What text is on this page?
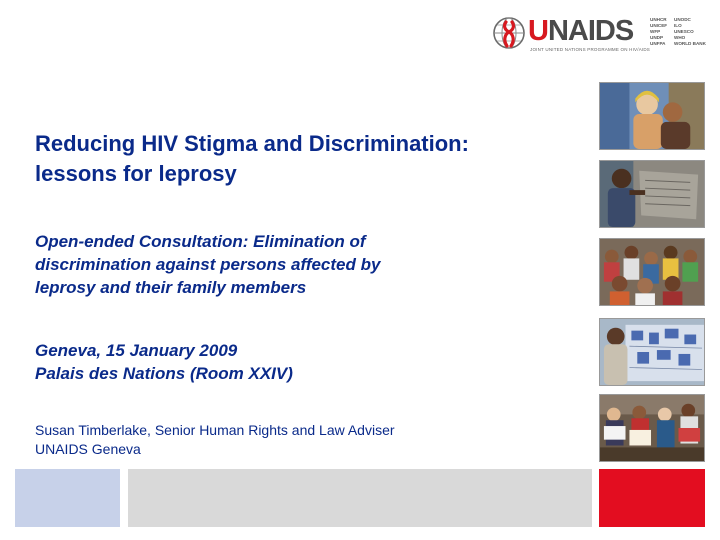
UNAIDS
JOINT UNITED NATIONS PROGRAMME ON HIV/AIDS
UNHCR
UNICEF
WFP
UNDP
UNFPA
UNODC
ILO
UNESCO
WHO
WORLD BANK
Reducing HIV Stigma and Discrimination:
lessons for leprosy
Open-ended Consultation: Elimination of
discrimination against persons affected by
leprosy and their family members
Geneva, 15 January 2009
Palais des Nations (Room XXIV)
Susan Timberlake, Senior Human Rights and Law Adviser
UNAIDS Geneva
